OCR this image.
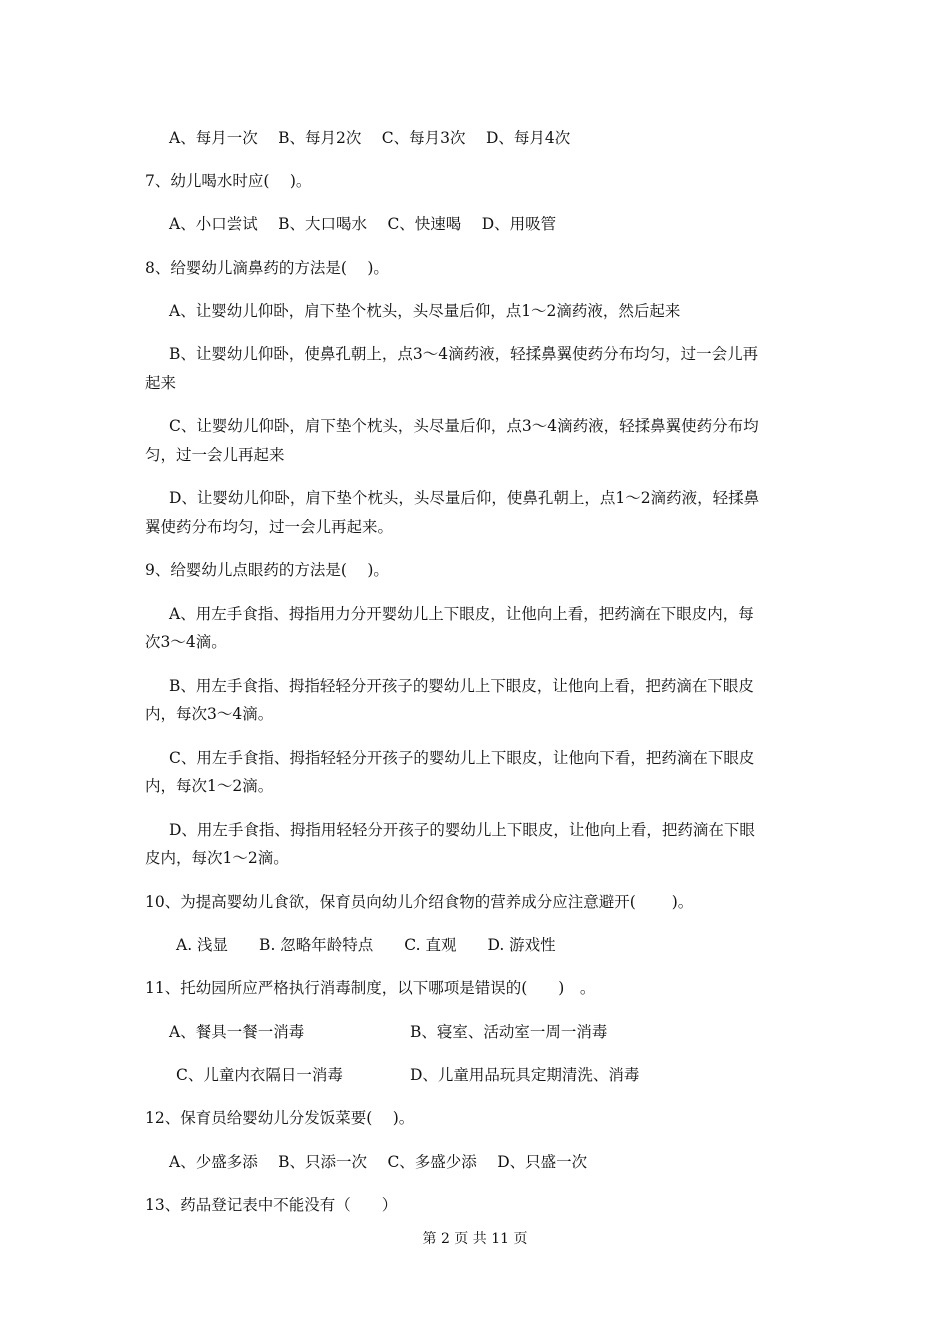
A、每月一次　 B、每月2次　 C、每月3次　 D、每月4次
7、幼儿喝水时应(　 )。
A、小口尝试　 B、大口喝水　 C、快速喝　 D、用吸管
8、给婴幼儿滴鼻药的方法是(　 )。
A、让婴幼儿仰卧，肩下垫个枕头，头尽量后仰，点1～2滴药液，然后起来
B、让婴幼儿仰卧，使鼻孔朝上，点3～4滴药液，轻揉鼻翼使药分布均匀，过一会儿再
起来
C、让婴幼儿仰卧，肩下垫个枕头，头尽量后仰，点3～4滴药液，轻揉鼻翼使药分布均
匀，过一会儿再起来
D、让婴幼儿仰卧，肩下垫个枕头，头尽量后仰，使鼻孔朝上，点1～2滴药液，轻揉鼻
翼使药分布均匀，过一会儿再起来。
9、给婴幼儿点眼药的方法是(　 )。
A、用左手食指、拇指用力分开婴幼儿上下眼皮，让他向上看，把药滴在下眼皮内，每
次3～4滴。
B、用左手食指、拇指轻轻分开孩子的婴幼儿上下眼皮，让他向上看，把药滴在下眼皮
内，每次3～4滴。
C、用左手食指、拇指轻轻分开孩子的婴幼儿上下眼皮，让他向下看，把药滴在下眼皮
内，每次1～2滴。
D、用左手食指、拇指用轻轻分开孩子的婴幼儿上下眼皮，让他向上看，把药滴在下眼
皮内，每次1～2滴。
10、为提高婴幼儿食欲，保育员向幼儿介绍食物的营养成分应注意避开(　　 )。
A. 浅显　　B. 忽略年龄特点　　C. 直观　　D. 游戏性
11、托幼园所应严格执行消毒制度，以下哪项是错误的(　　)　。
A、餐具一餐一消毒	B、寝室、活动室一周一消毒
C、儿童内衣隔日一消毒	D、儿童用品玩具定期清洗、消毒
12、保育员给婴幼儿分发饭菜要(　 )。
A、少盛多添　 B、只添一次　 C、多盛少添　 D、只盛一次
13、药品登记表中不能没有（　　）
第 2 页 共 11 页
